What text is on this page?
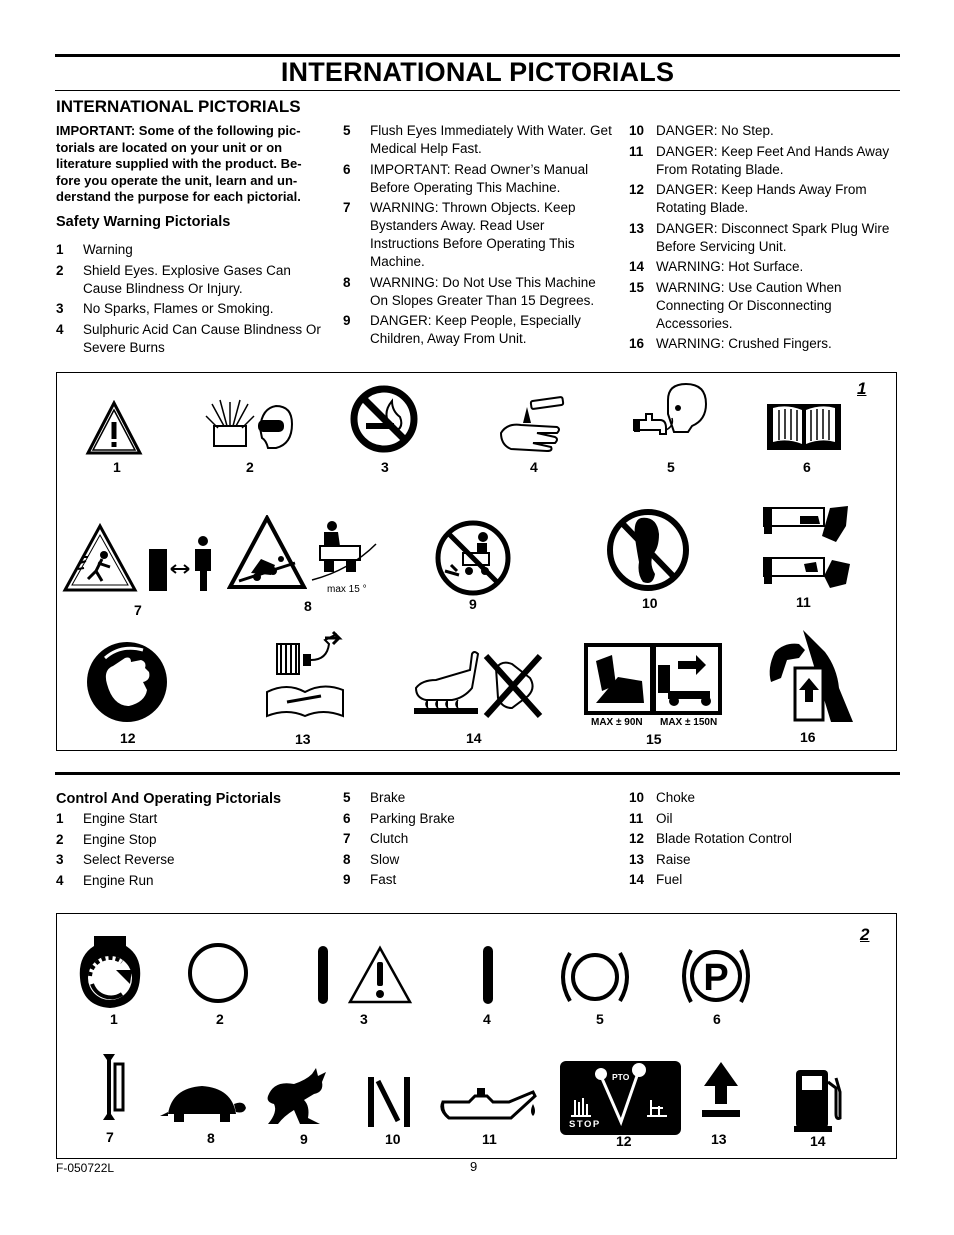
INTERNATIONAL PICTORIALS
INTERNATIONAL PICTORIALS
IMPORTANT: Some of the following pic- torials are located on your unit or on literature supplied with the product. Be- fore you operate the unit, learn and un- derstand the purpose for each pictorial.
Safety Warning Pictorials
1	Warning
2	Shield Eyes. Explosive Gases Can Cause Blindness Or Injury.
3	No Sparks, Flames or Smoking.
4	Sulphuric Acid Can Cause Blindness Or Severe Burns
5	Flush Eyes Immediately With Water. Get Medical Help Fast.
6	IMPORTANT: Read Owner’s Manual Before Operating This Machine.
7	WARNING: Thrown Objects. Keep Bystanders Away. Read User Instructions Before Operating This Machine.
8	WARNING: Do Not Use This Machine On Slopes Greater Than 15 Degrees.
9	DANGER: Keep People, Especially Children, Away From Unit.
10 DANGER: No Step.
11 DANGER: Keep Feet And Hands Away From Rotating Blade.
12 DANGER: Keep Hands Away From Rotating Blade.
13 DANGER: Disconnect Spark Plug Wire Before Servicing Unit.
14 WARNING: Hot Surface.
15 WARNING: Use Caution When Connecting Or Disconnecting Accessories.
16 WARNING: Crushed Fingers.
1
1	2	3	4	5	6
max 15 °
7	8	9	10	11
MAX ± 90N MAX ± 150N
12	13	14	15	16
Control And Operating Pictorials
1	Engine Start
2	Engine Stop
3	Select Reverse
4	Engine Run
5	Brake
6	Parking Brake
7	Clutch
8	Slow
9	Fast
10 Choke
11 Oil
12 Blade Rotation Control
13 Raise
14 Fuel
2
P
1	2	3	4	5	6
PTO
STOP
7	8	9	10	11	12	13	14
F-050722L	9
